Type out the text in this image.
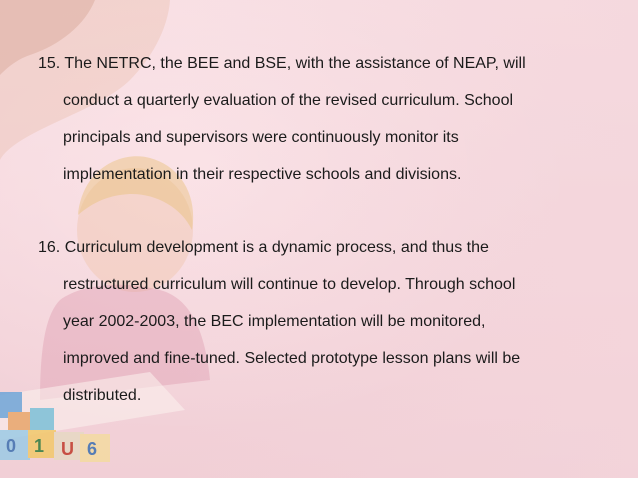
0 1 U 6
15. The NETRC, the BEE and BSE, with the assistance of NEAP, will
conduct a quarterly evaluation of the revised curriculum. School
principals and supervisors were continuously monitor its
implementation in their respective schools and divisions.
16. Curriculum development is a dynamic process, and thus the
restructured curriculum will continue to develop. Through school
year 2002-2003, the BEC implementation will be monitored,
improved and fine-tuned. Selected prototype lesson plans will be
distributed.
